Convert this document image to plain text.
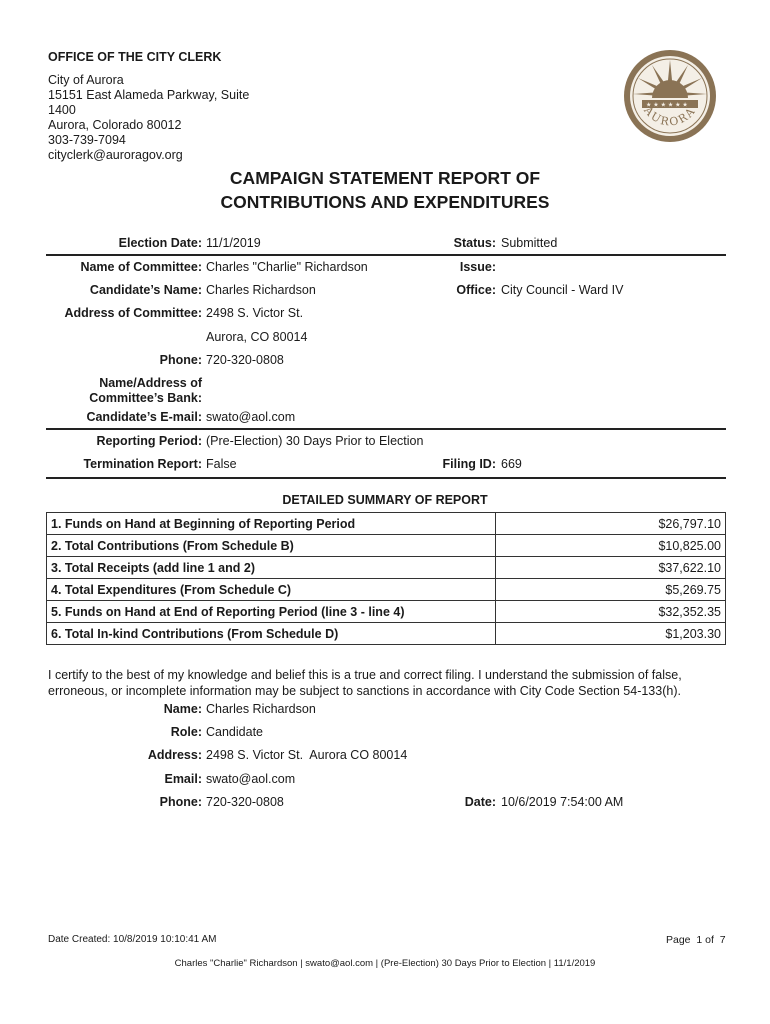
OFFICE OF THE CITY CLERK
City of Aurora
15151 East Alameda Parkway, Suite
1400
Aurora, Colorado 80012
303-739-7094
cityclerk@auroragov.org
★ ★ ★ ★ ★ ★
AURORA
CAMPAIGN STATEMENT REPORT OF
CONTRIBUTIONS AND EXPENDITURES
Election Date: 11/1/2019	Status: Submitted
Name of Committee: Charles "Charlie" Richardson	Issue:
Candidate’s Name: Charles Richardson	Office: City Council - Ward IV
Address of Committee: 2498 S. Victor St.
Aurora, CO 80014
Phone: 720-320-0808
Name/Address of
Committee’s Bank:
Candidate’s E-mail: swato@aol.com
Reporting Period: (Pre-Election) 30 Days Prior to Election
Termination Report: False	Filing ID: 669
DETAILED SUMMARY OF REPORT
1. Funds on Hand at Beginning of Reporting Period	$26,797.10
2. Total Contributions (From Schedule B)	$10,825.00
3. Total Receipts (add line 1 and 2)	$37,622.10
4. Total Expenditures (From Schedule C)	$5,269.75
5. Funds on Hand at End of Reporting Period (line 3 - line 4)	$32,352.35
6. Total In-kind Contributions (From Schedule D)	$1,203.30
I certify to the best of my knowledge and belief this is a true and correct filing. I understand the submission of false, erroneous, or incomplete information may be subject to sanctions in accordance with City Code Section 54-133(h).
Name: Charles Richardson
Role: Candidate
Address: 2498 S. Victor St.  Aurora CO 80014
Email: swato@aol.com
Phone: 720-320-0808	Date: 10/6/2019 7:54:00 AM
Date Created: 10/8/2019 10:10:41 AM	Page  1 of  7
Charles "Charlie" Richardson | swato@aol.com | (Pre-Election) 30 Days Prior to Election | 11/1/2019
